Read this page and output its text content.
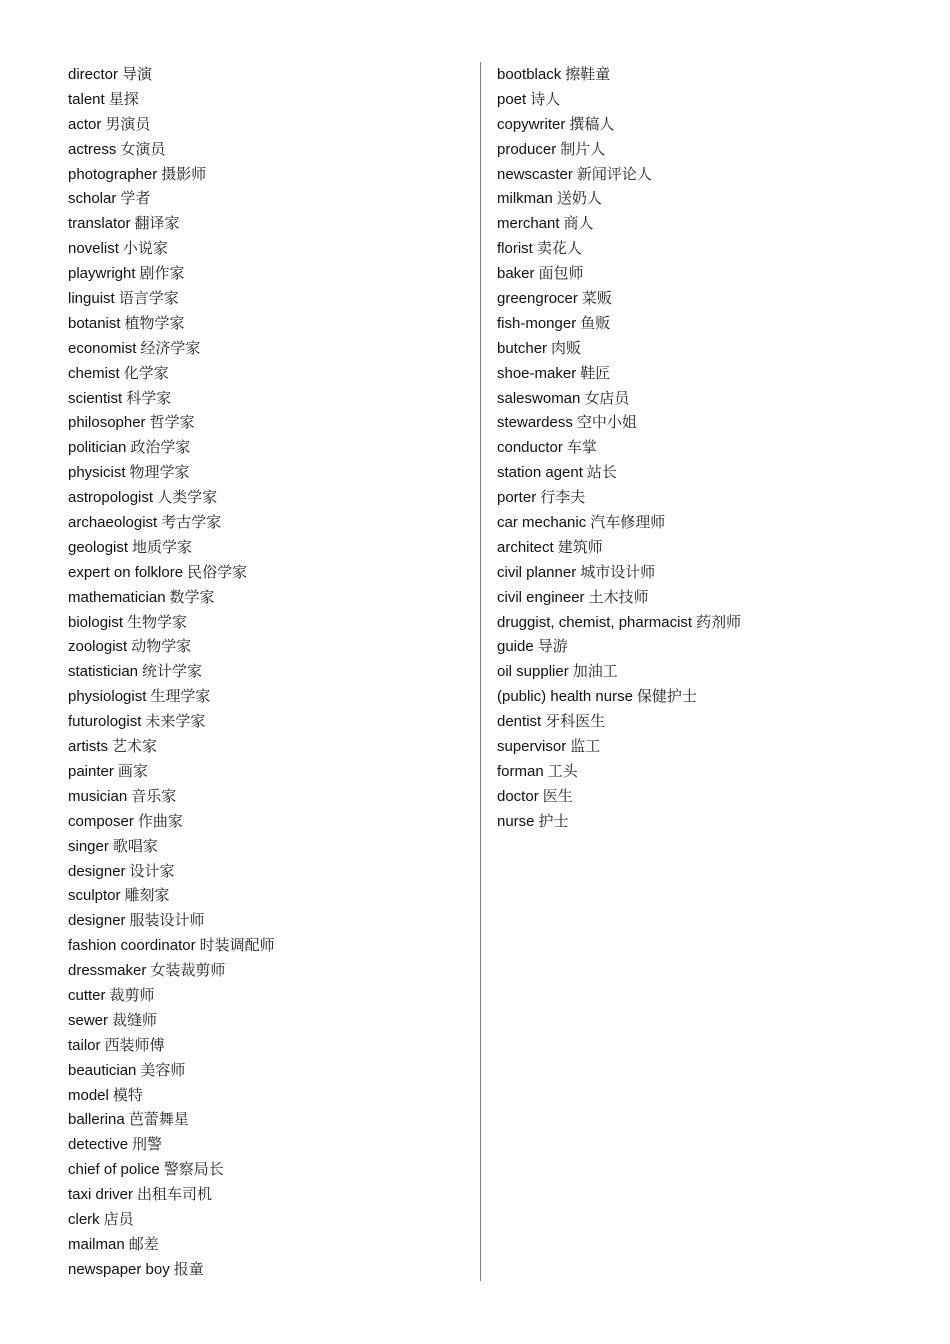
director 导演
talent 星探
actor 男演员
actress 女演员
photographer 摄影师
scholar 学者
translator 翻译家
novelist 小说家
playwright 剧作家
linguist 语言学家
botanist 植物学家
economist 经济学家
chemist 化学家
scientist 科学家
philosopher 哲学家
politician 政治学家
physicist 物理学家
astropologist 人类学家
archaeologist 考古学家
geologist 地质学家
expert on folklore 民俗学家
mathematician 数学家
biologist 生物学家
zoologist 动物学家
statistician 统计学家
physiologist 生理学家
futurologist 未来学家
artists 艺术家
painter 画家
musician 音乐家
composer 作曲家
singer 歌唱家
designer 设计家
sculptor 雕刻家
designer 服装设计师
fashion coordinator 时装调配师
dressmaker 女装裁剪师
cutter 裁剪师
sewer 裁缝师
tailor 西装师傅
beautician 美容师
model 模特
ballerina 芭蕾舞星
detective 刑警
chief of police 警察局长
taxi driver 出租车司机
clerk 店员
mailman 邮差
newspaper boy 报童
bootblack 擦鞋童
poet 诗人
copywriter 撰稿人
producer 制片人
newscaster 新闻评论人
milkman 送奶人
merchant 商人
florist 卖花人
baker 面包师
greengrocer 菜贩
fish-monger 鱼贩
butcher 肉贩
shoe-maker 鞋匠
saleswoman 女店员
stewardess 空中小姐
conductor 车掌
station agent 站长
porter 行李夫
car mechanic 汽车修理师
architect 建筑师
civil planner 城市设计师
civil engineer 土木技师
druggist, chemist, pharmacist 药剂师
guide 导游
oil supplier 加油工
(public) health nurse 保健护士
dentist 牙科医生
supervisor 监工
forman 工头
doctor 医生
nurse 护士
